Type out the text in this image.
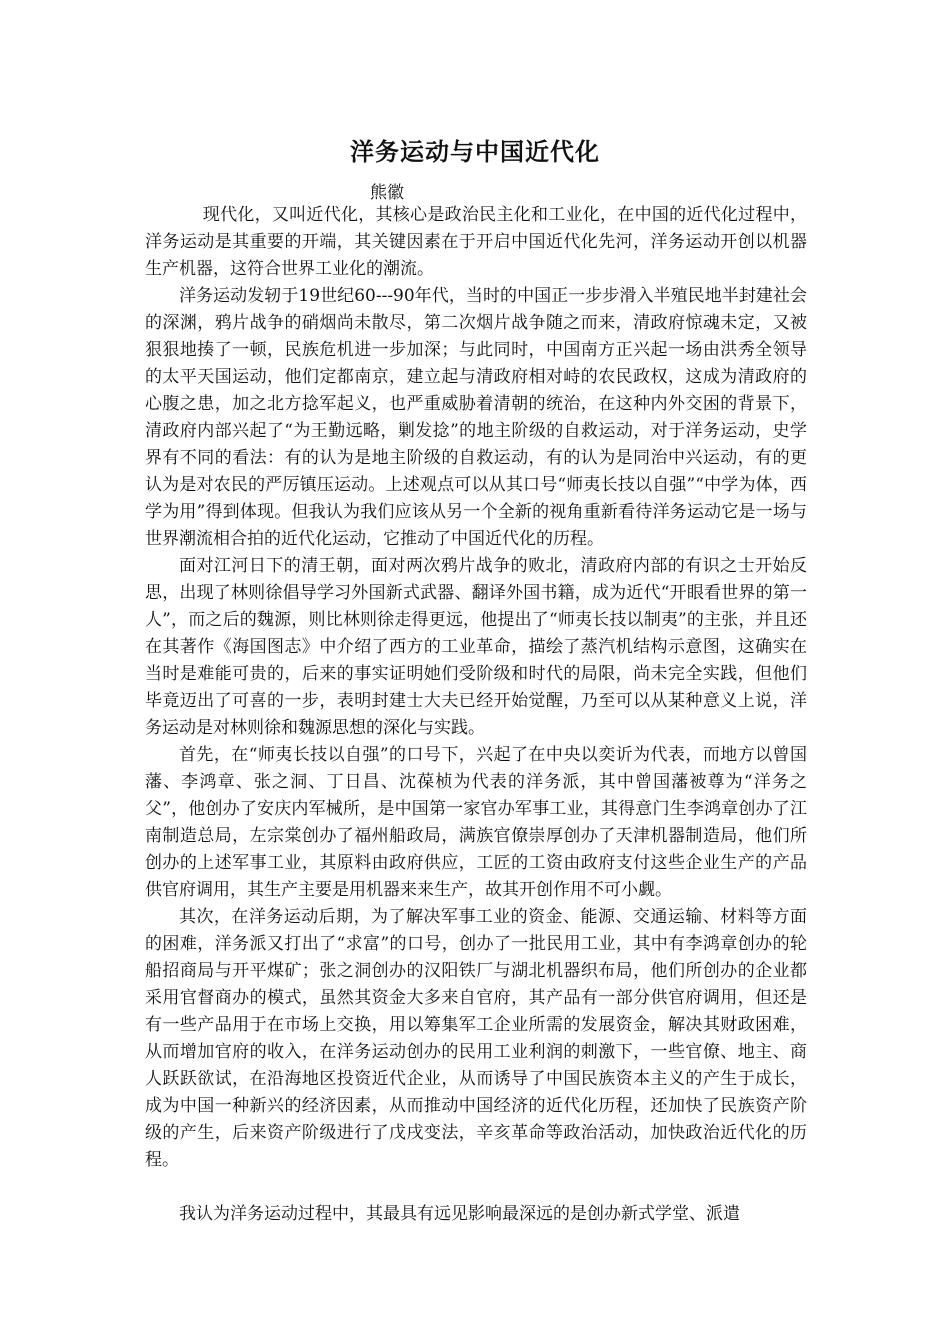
洋务运动与中国近代化

熊徽

现代化，又叫近代化，其核心是政治民主化和工业化，在中国的近代化过程中，洋务运动是其重要的开端，其关键因素在于开启中国近代化先河，洋务运动开创以机器生产机器，这符合世界工业化的潮流。

洋务运动发轫于19世纪60---90年代，当时的中国正一步步滑入半殖民地半封建社会的深渊，鸦片战争的硝烟尚未散尽，第二次烟片战争随之而来，清政府惊魂未定，又被狠狠地揍了一顿，民族危机进一步加深；与此同时，中国南方正兴起一场由洪秀全领导的太平天国运动，他们定都南京，建立起与清政府相对峙的农民政权，这成为清政府的心腹之患，加之北方捻军起义，也严重威胁着清朝的统治，在这种内外交困的背景下，清政府内部兴起了“为王勤远略，剿发捻”的地主阶级的自救运动，对于洋务运动，史学界有不同的看法：有的认为是地主阶级的自救运动，有的认为是同治中兴运动，有的更认为是对农民的严厉镇压运动。上述观点可以从其口号“师夷长技以自强”“中学为体，西学为用”得到体现。但我认为我们应该从另一个全新的视角重新看待洋务运动它是一场与世界潮流相合拍的近代化运动，它推动了中国近代化的历程。

面对江河日下的清王朝，面对两次鸦片战争的败北，清政府内部的有识之士开始反思，出现了林则徐倡导学习外国新式武器、翻译外国书籍，成为近代“开眼看世界的第一人”，而之后的魏源，则比林则徐走得更远，他提出了“师夷长技以制夷”的主张，并且还在其著作《海国图志》中介绍了西方的工业革命，描绘了蒸汽机结构示意图，这确实在当时是难能可贵的，后来的事实证明她们受阶级和时代的局限，尚未完全实践，但他们毕竟迈出了可喜的一步，表明封建士大夫已经开始觉醒，乃至可以从某种意义上说，洋务运动是对林则徐和魏源思想的深化与实践。

首先，在“师夷长技以自强”的口号下，兴起了在中央以奕䜣为代表，而地方以曾国藩、李鸿章、张之洞、丁日昌、沈葆桢为代表的洋务派，其中曾国藩被尊为“洋务之父”，他创办了安庆内军械所，是中国第一家官办军事工业，其得意门生李鸿章创办了江南制造总局，左宗棠创办了福州船政局，满族官僚崇厚创办了天津机器制造局，他们所创办的上述军事工业，其原料由政府供应，工匠的工资由政府支付这些企业生产的产品供官府调用，其生产主要是用机器来来生产，故其开创作用不可小觑。

其次，在洋务运动后期，为了解决军事工业的资金、能源、交通运输、材料等方面的困难，洋务派又打出了“求富”的口号，创办了一批民用工业，其中有李鸿章创办的轮船招商局与开平煤矿；张之洞创办的汉阳铁厂与湖北机器织布局，他们所创办的企业都采用官督商办的模式，虽然其资金大多来自官府，其产品有一部分供官府调用，但还是有一些产品用于在市场上交换，用以筹集军工企业所需的发展资金，解决其财政困难，从而增加官府的收入，在洋务运动创办的民用工业利润的刺激下，一些官僚、地主、商人跃跃欲试，在沿海地区投资近代企业，从而诱导了中国民族资本主义的产生于成长，成为中国一种新兴的经济因素，从而推动中国经济的近代化历程，还加快了民族资产阶级的产生，后来资产阶级进行了戊戌变法，辛亥革命等政治活动，加快政治近代化的历程。

我认为洋务运动过程中，其最具有远见影响最深远的是创办新式学堂、派遣
